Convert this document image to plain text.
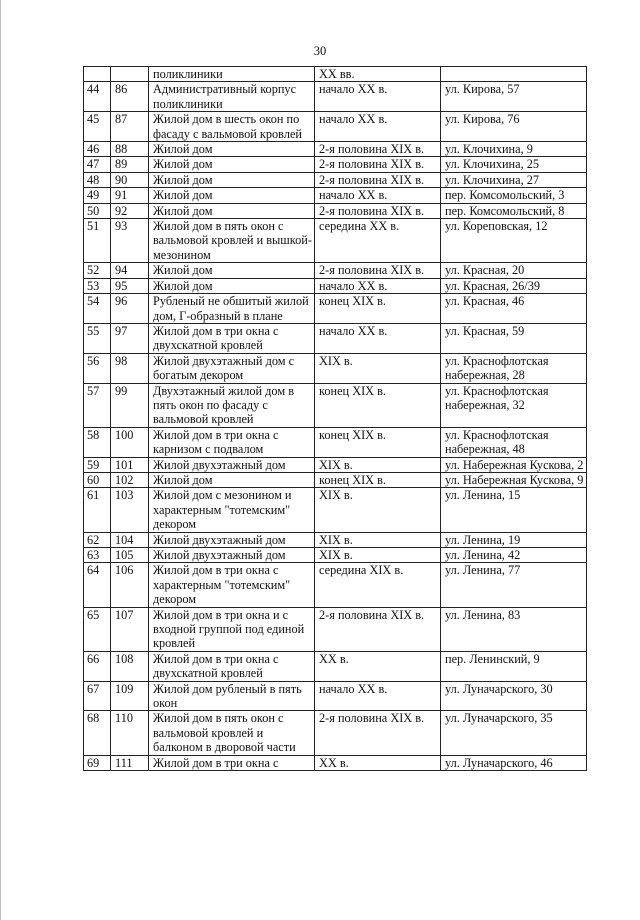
30
		поликлиники	XX вв.	
44	86	Административный корпус поликлиники	начало XX в.	ул. Кирова, 57
45	87	Жилой дом в шесть окон по фасаду с вальмовой кровлей	начало XX в.	ул. Кирова, 76
46	88	Жилой дом	2-я половина XIX в.	ул. Клочихина, 9
47	89	Жилой дом	2-я половина XIX в.	ул. Клочихина, 25
48	90	Жилой дом	2-я половина XIX в.	ул. Клочихина, 27
49	91	Жилой дом	начало XX в.	пер. Комсомольский, 3
50	92	Жилой дом	2-я половина XIX в.	пер. Комсомольский, 8
51	93	Жилой дом в пять окон с вальмовой кровлей и вышкой-мезонином	середина XX в.	ул. Кореповская, 12
52	94	Жилой дом	2-я половина XIX в.	ул. Красная, 20
53	95	Жилой дом	начало XX в.	ул. Красная, 26/39
54	96	Рубленый не обшитый жилой дом, Г-образный в плане	конец XIX в.	ул. Красная, 46
55	97	Жилой дом в три окна с двухскатной кровлей	начало XX в.	ул. Красная, 59
56	98	Жилой двухэтажный дом с богатым декором	XIX в.	ул. Краснофлотская набережная, 28
57	99	Двухэтажный жилой дом в пять окон по фасаду с вальмовой кровлей	конец XIX в.	ул. Краснофлотская набережная, 32
58	100	Жилой дом в три окна с карнизом с подвалом	конец XIX в.	ул. Краснофлотская набережная, 48
59	101	Жилой двухэтажный дом	XIX в.	ул. Набережная Кускова, 2
60	102	Жилой дом	конец XIX в.	ул. Набережная Кускова, 9
61	103	Жилой дом с мезонином и характерным "тотемским" декором	XIX в.	ул. Ленина, 15
62	104	Жилой двухэтажный дом	XIX в.	ул. Ленина, 19
63	105	Жилой двухэтажный дом	XIX в.	ул. Ленина, 42
64	106	Жилой дом в три окна с характерным "тотемским" декором	середина XIX в.	ул. Ленина, 77
65	107	Жилой дом в три окна и с входной группой под единой кровлей	2-я половина XIX в.	ул. Ленина, 83
66	108	Жилой дом в три окна с двухскатной кровлей	XX в.	пер. Ленинский, 9
67	109	Жилой дом рубленый в пять окон	начало XX в.	ул. Луначарского, 30
68	110	Жилой дом в пять окон с вальмовой кровлей и балконом в дворовой части	2-я половина XIX в.	ул. Луначарского, 35
69	111	Жилой дом в три окна с	XX в.	ул. Луначарского, 46
